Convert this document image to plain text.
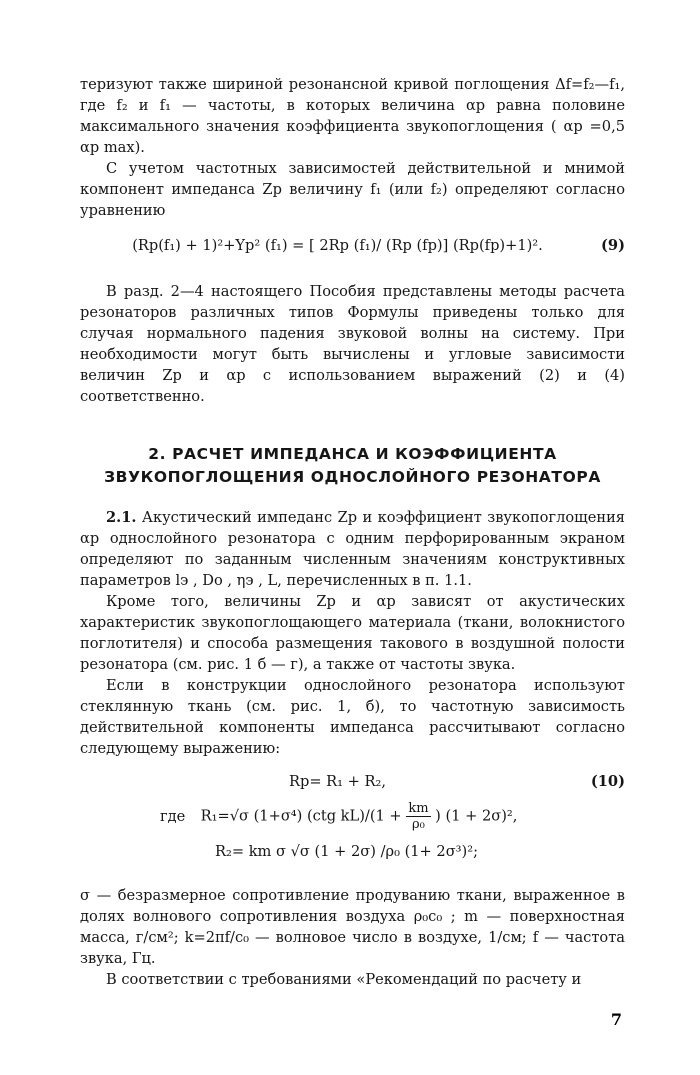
теризуют также шириной резонансной кривой поглощения Δf=f₂—f₁, где f₂ и f₁ — частоты, в которых величина αp равна половине максимального значения коэффициента звукопоглощения ( αp =0,5 αp max).

С учетом частотных зависимостей действительной и мнимой компонент импеданса Zр величину f₁ (или f₂) определяют согласно уравнению

(Rр(f₁) + 1)²+Yр² (f₁) = [ 2Rр (f₁)/ (Rр (fр)] (Rр(fр)+1)².	(9)

В разд. 2—4 настоящего Пособия представлены методы расчета резонаторов различных типов Формулы приведены только для случая нормального падения звуковой волны на систему. При необходимости могут быть вычислены и угловые зависимости величин Zр и αр с использованием выражений (2) и (4) соответственно.

2. РАСЧЕТ ИМПЕДАНСА И КОЭФФИЦИЕНТА
ЗВУКОПОГЛОЩЕНИЯ ОДНОСЛОЙНОГО РЕЗОНАТОРА

2.1. Акустический импеданс Zр и коэффициент звукопоглощения αр однослойного резонатора с одним перфорированным экраном определяют по заданным численным значениям конструктивных параметров lэ , Dо , ηэ , L, перечисленных в п. 1.1.

Кроме того, величины Zр и αр зависят от акустических характеристик звукопоглощающего материала (ткани, волокнистого поглотителя) и способа размещения такового в воздушной полости резонатора (см. рис. 1 б — г), а также от частоты звука.

Если в конструкции однослойного резонатора используют стеклянную ткань (см. рис. 1, б), то частотную зависимость действительной компоненты импеданса рассчитывают согласно следующему выражению:

Rр= R₁ + R₂,	(10)
где R₁=√σ (1+σ⁴) (ctg $kL)/(1 + \frac{km}{\text{ρ₀}}$ ) (1 + 2σ)²,
R₂= km σ √σ (1 + 2σ) /ρ₀ (1+ 2σ³)²;

σ — безразмерное сопротивление продуванию ткани, выраженное в долях волнового сопротивления воздуха ρ₀c₀ ; m — поверхностная масса, г/см²; k=2πf/c₀ — волновое число в воздухе, 1/см; f — частота звука, Гц.

В соответствии с требованиями «Рекомендаций по расчету и

7
